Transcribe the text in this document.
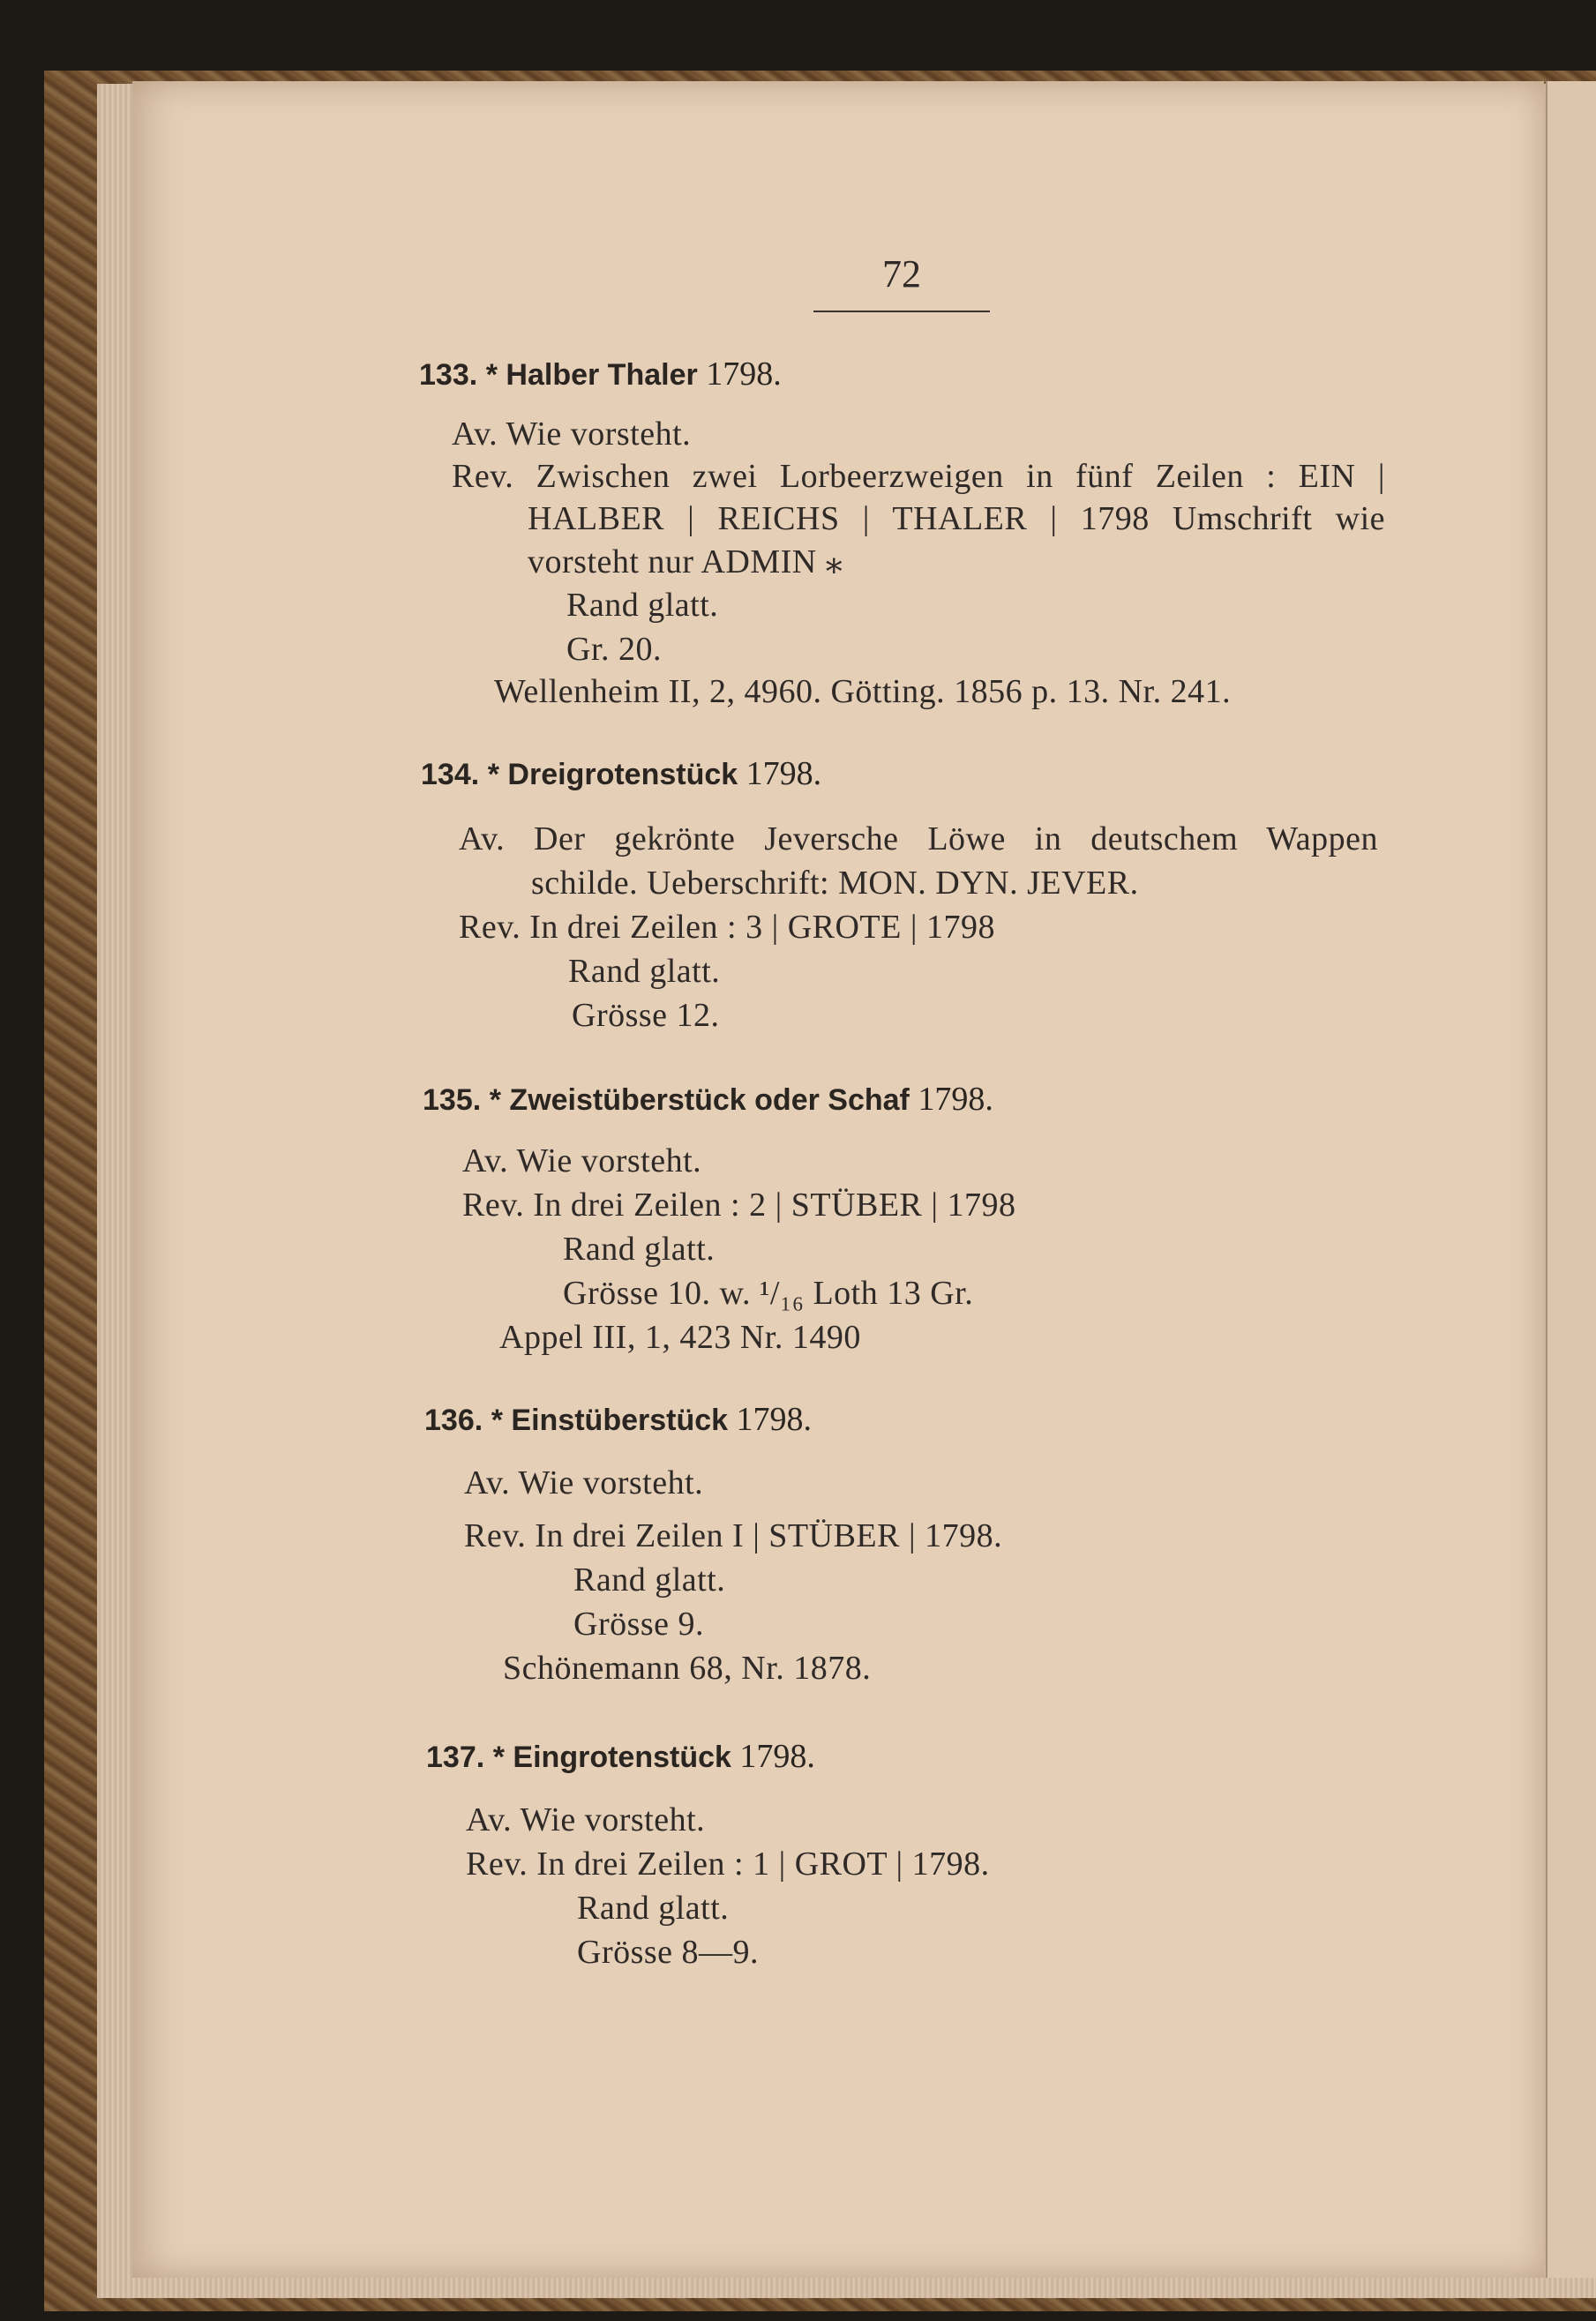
72
133. * Halber Thaler 1798.
Av. Wie vorsteht.
Rev. Zwischen zwei Lorbeerzweigen in fünf Zeilen : EIN |
HALBER | REICHS | THALER | 1798 Umschrift wie
vorsteht nur ADMIN ⁎
Rand glatt.
Gr. 20.
Wellenheim II, 2, 4960. Götting. 1856 p. 13. Nr. 241.
134. * Dreigrotenstück 1798.
Av. Der gekrönte Jeversche Löwe in deutschem Wappen
schilde. Ueberschrift: MON. DYN. JEVER.
Rev. In drei Zeilen : 3 | GROTE | 1798
Rand glatt.
Grösse 12.
135. * Zweistüberstück oder Schaf 1798.
Av. Wie vorsteht.
Rev. In drei Zeilen : 2 | STÜBER | 1798
Rand glatt.
Grösse 10. w. ¹/₁₆ Loth 13 Gr.
Appel III, 1, 423 Nr. 1490
136. * Einstüberstück 1798.
Av. Wie vorsteht.
Rev. In drei Zeilen I | STÜBER | 1798.
Rand glatt.
Grösse 9.
Schönemann 68, Nr. 1878.
137. * Eingrotenstück 1798.
Av. Wie vorsteht.
Rev. In drei Zeilen : 1 | GROT | 1798.
Rand glatt.
Grösse 8—9.
